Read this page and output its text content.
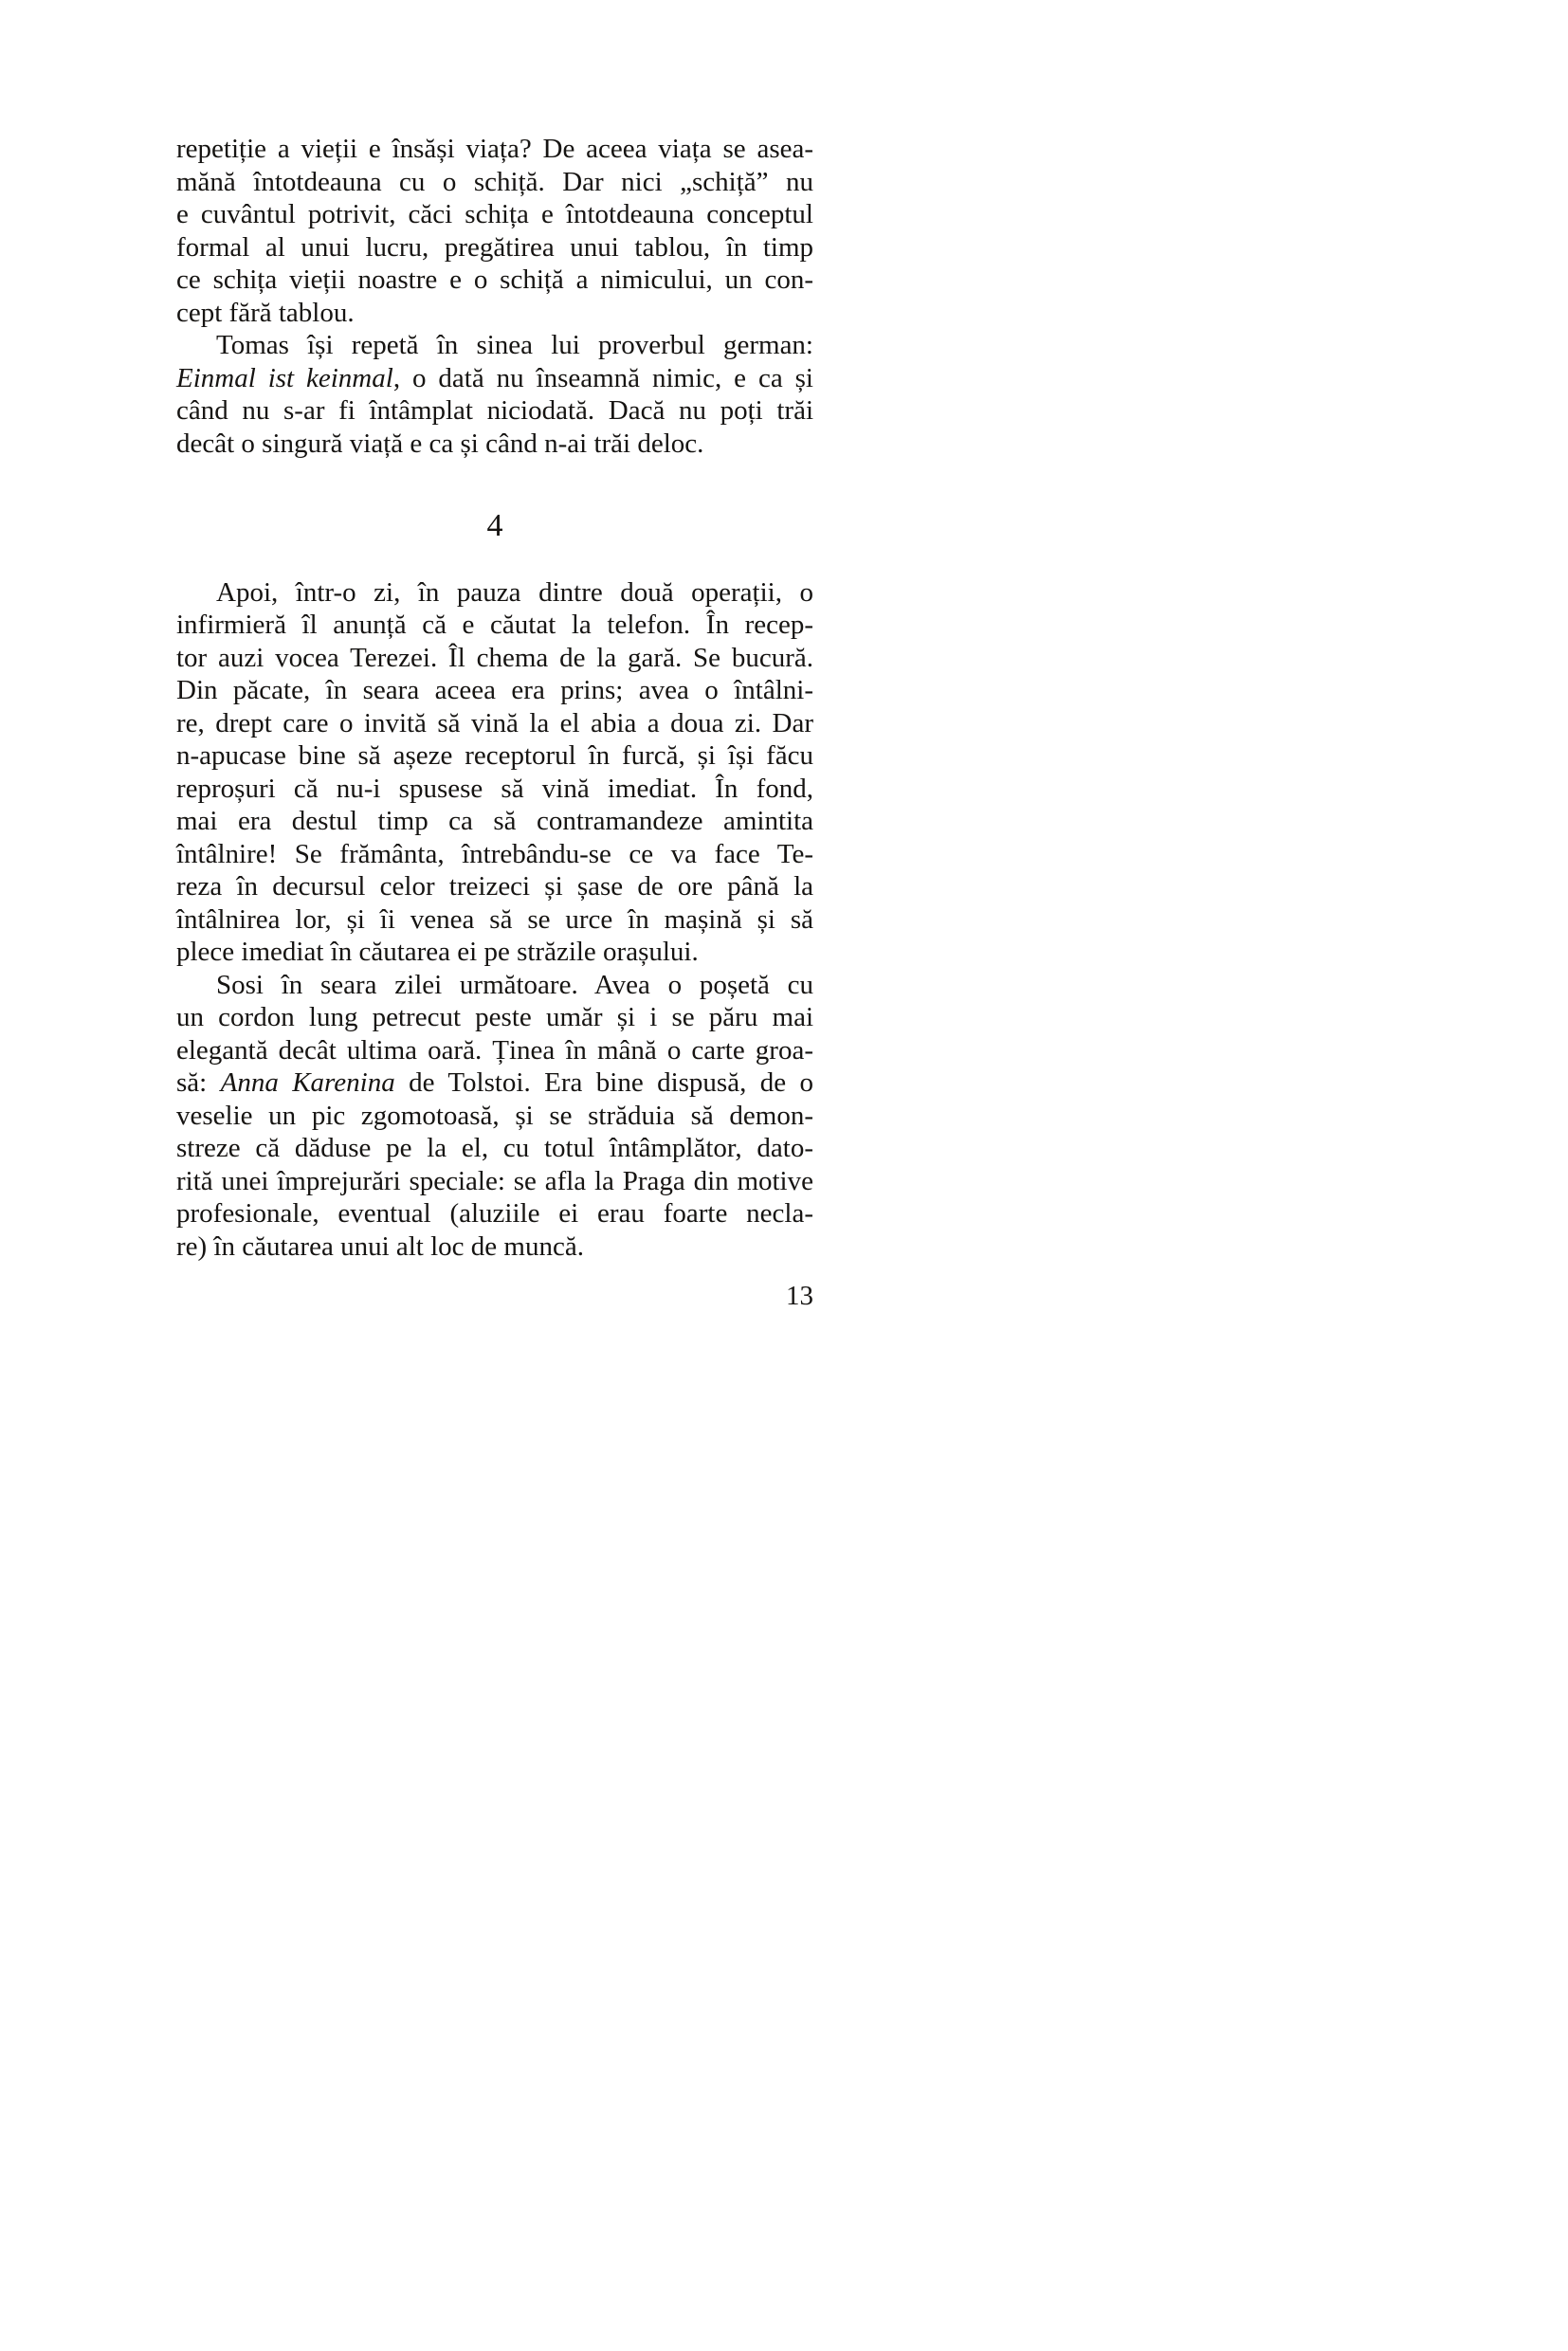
repetiție a vieții e însăși viața? De aceea viața se asea-
mănă întotdeauna cu o schiță. Dar nici „schiță” nu
e cuvântul potrivit, căci schița e întotdeauna conceptul
formal al unui lucru, pregătirea unui tablou, în timp
ce schița vieții noastre e o schiță a nimicului, un con-
cept fără tablou.
Tomas își repetă în sinea lui proverbul german:
Einmal ist keinmal, o dată nu înseamnă nimic, e ca și
când nu s-ar fi întâmplat niciodată. Dacă nu poți trăi
decât o singură viață e ca și când n-ai trăi deloc.
4
Apoi, într-o zi, în pauza dintre două operații, o
infirmieră îl anunță că e căutat la telefon. În recep-
tor auzi vocea Terezei. Îl chema de la gară. Se bucură.
Din păcate, în seara aceea era prins; avea o întâlni-
re, drept care o invită să vină la el abia a doua zi. Dar
n-apucase bine să așeze receptorul în furcă, și își făcu
reproșuri că nu-i spusese să vină imediat. În fond,
mai era destul timp ca să contramandeze amintita
întâlnire! Se frământa, întrebându-se ce va face Te-
reza în decursul celor treizeci și șase de ore până la
întâlnirea lor, și îi venea să se urce în mașină și să
plece imediat în căutarea ei pe străzile orașului.
Sosi în seara zilei următoare. Avea o poșetă cu
un cordon lung petrecut peste umăr și i se păru mai
elegantă decât ultima oară. Ținea în mână o carte groa-
să: Anna Karenina de Tolstoi. Era bine dispusă, de o
veselie un pic zgomotoasă, și se străduia să demon-
streze că dăduse pe la el, cu totul întâmplător, dato-
rită unei împrejurări speciale: se afla la Praga din motive
profesionale, eventual (aluziile ei erau foarte necla-
re) în căutarea unui alt loc de muncă.
13
